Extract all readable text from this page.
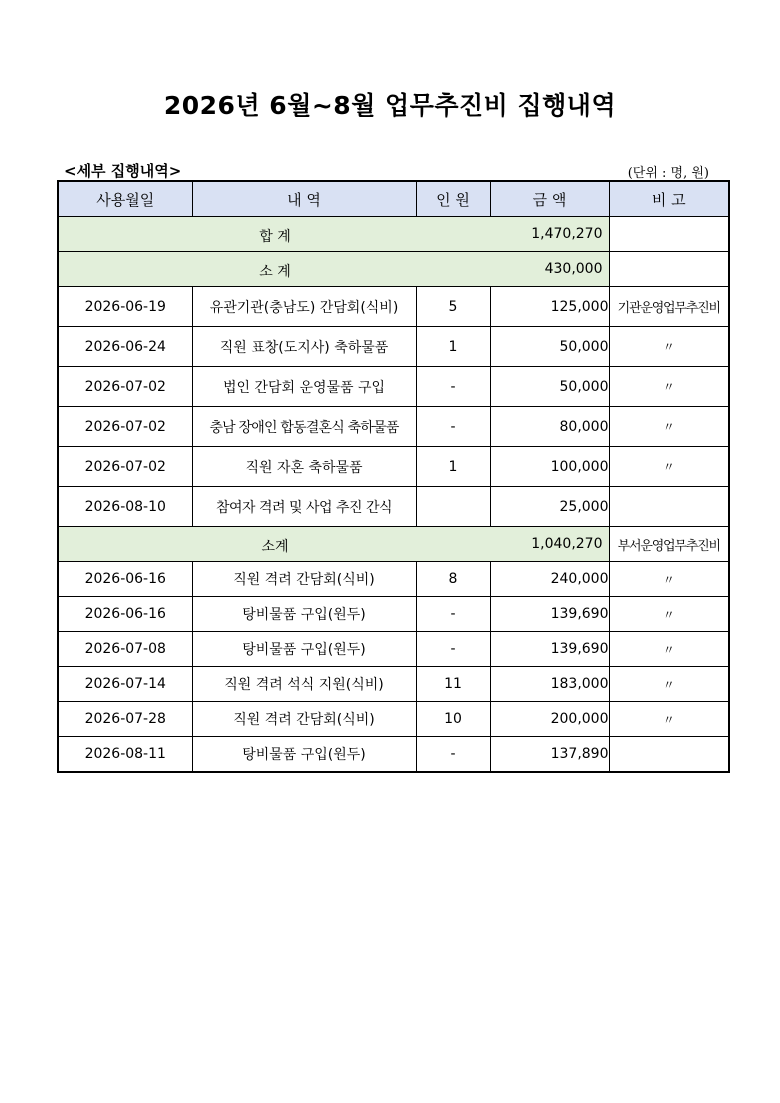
2026년 6월~8월 업무추진비 집행내역
<세부 집행내역>	(단위 : 명, 원)
사용월일	내 역	인 원	금 액	비 고

합 계 1,470,270				

소 계 430,000				

2026-06-19	유관기관(충남도) 간담회(식비)	5	125,000	기관운영업무추진비
2026-06-24	직원 표창(도지사) 축하물품	1	50,000	〃
2026-07-02	법인 간담회 운영물품 구입	-	50,000	〃
2026-07-02	충남 장애인 합동결혼식 축하물품	-	80,000	〃
2026-07-02	직원 자혼 축하물품	1	100,000	〃
2026-08-10	참여자 격려 및 사업 추진 간식		25,000	

소계 1,040,270				부서운영업무추진비
2026-06-16	직원 격려 간담회(식비)	8	240,000	〃
2026-06-16	탕비물품 구입(원두)	-	139,690	〃
2026-07-08	탕비물품 구입(원두)	-	139,690	〃
2026-07-14	직원 격려 석식 지원(식비)	11	183,000	〃
2026-07-28	직원 격려 간담회(식비)	10	200,000	〃
2026-08-11	탕비물품 구입(원두)	-	137,890	
